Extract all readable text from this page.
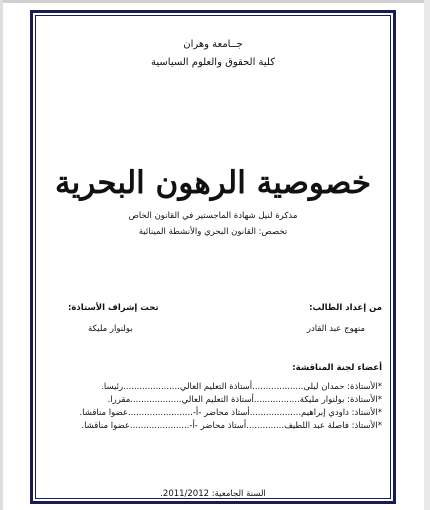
جــامعة وهران
كلية الحقوق والعلوم السياسية
خصوصية الرهون البحرية
مذكرة لنيل شهادة الماجستير في القانون الخاص
تخصص: القانون البحري والأنشطة المينائية
من إعداد الطالب:
منهوج عبد القادر
تحت إشراف الأستاذة:
بولنوار مليكة
أعضاء لجنة المناقشة:
*الأستاذة: حمدان ليلى...................أستاذة التعليم العالي.....................رئيسا.
*الأستاذة: بولنوار مليكة.................أستاذة التعليم العالي...................مقررا.
*الأستاذ: داودي إبراهيم...................أستاذ محاضر -أ-........................عضوا مناقشا.
*الأستاذ: فاصلة عبد اللطيف..............أستاذ محاضر -أ-......................عضوا مناقشا.
السنة الجامعية: 2011/2012.
